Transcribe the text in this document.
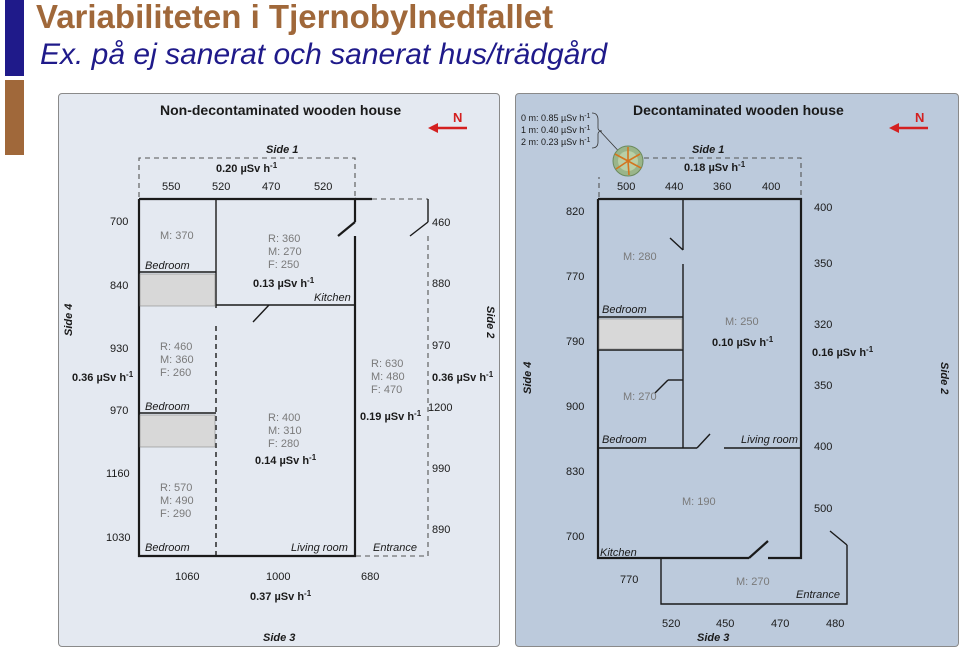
Variabiliteten i Tjernobylnedfallet
Ex. på ej sanerat och sanerat hus/trädgård
Non-decontaminated wooden house	N
Side 1
0.20 µSv $h^{-1}$
550	520	470	520
M: 370
Bedroom
R: 360
M: 270
F: 250
0.13 µSv $h^{-1}$
Kitchen
R: 460
M: 360
F: 260
Bedroom
R: 570
M: 490
F: 290
Bedroom
R: 400
M: 310
F: 280
0.14 µSv $h^{-1}$
Living room
R: 630
M: 480
F: 470
0.19 µSv $h^{-1}$
Entrance
700
840
930
0.36 µSv $h^{-1}$
970
1160
1030
Side 4
460
880
970
0.36 µSv $h^{-1}$
1200
990
890
Side 2
1060	1000	680
0.37 µSv $h^{-1}$
Side 3
Decontaminated wooden house	N
0 m: 0.85 µSv $h^{-1}$
1 m: 0.40 µSv $h^{-1}$
2 m: 0.23 µSv $h^{-1}$
Side 1
0.18 µSv $h^{-1}$
500	440	360	400
M: 280
Bedroom
M: 250
0.10 µSv $h^{-1}$
M: 270
Bedroom	Living room
M: 190
Kitchen
770	M: 270
Entrance
820
770
790
900
830
700
Side 4
400
350
320
0.16 µSv $h^{-1}$
350
400
500
Side 2
520	450	470	480
Side 3
